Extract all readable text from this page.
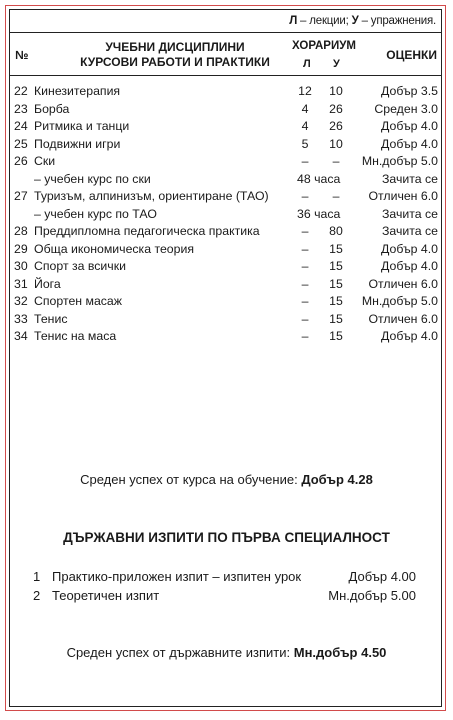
Л – лекции; У – упражнения.
№
УЧЕБНИ ДИСЦИПЛИНИ
КУРСОВИ РАБОТИ И ПРАКТИКИ
ХОРАРИУМ
Л У
ОЦЕНКИ
22 Кинезитерапия	12	10	Добър 3.5
23 Борба	4	26	Среден 3.0
24 Ритмика и танци	4	26	Добър 4.0
25 Подвижни игри	5	10	Добър 4.0
26 Ски	–	–	Мн.добър 5.0
– учебен курс по ски	48 часа	Зачита се
27 Туризъм, алпинизъм, ориентиране (ТАО)	–	–	Отличен 6.0
– учебен курс по ТАО	36 часа	Зачита се
28 Преддипломна педагогическа практика	–	80	Зачита се
29 Обща икономическа теория	–	15	Добър 4.0
30 Спорт за всички	–	15	Добър 4.0
31 Йога	–	15 Отличен 6.0
32 Спортен масаж	–	15 Мн.добър 5.0
33 Тенис	–	15 Отличен 6.0
34 Тенис на маса	–	15	Добър 4.0
Среден успех от курса на обучение: Добър 4.28
ДЪРЖАВНИ ИЗПИТИ ПО ПЪРВА СПЕЦИАЛНОСТ
1 Практико-приложен изпит – изпитен урок	Добър 4.00
2 Теоретичен изпит	Мн.добър 5.00
Среден успех от държавните изпити: Мн.добър 4.50
